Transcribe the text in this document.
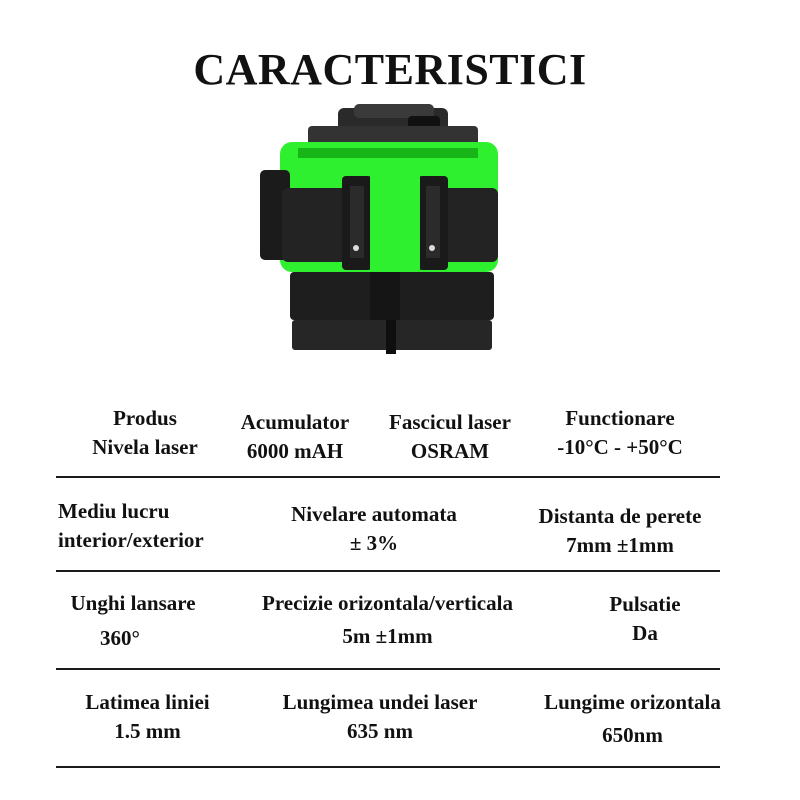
CARACTERISTICI
Produs
Nivela laser
Acumulator
6000 mAH
Fascicul laser
OSRAM
Functionare
-10°C - +50°C
Mediu lucru
interior/exterior
Nivelare automata
± 3%
Distanta de perete
7mm ±1mm
Unghi lansare
360°
Precizie orizontala/verticala
5m ±1mm
Pulsatie
Da
Latimea liniei
1.5 mm
Lungimea undei laser
635 nm
Lungime orizontala
650nm
